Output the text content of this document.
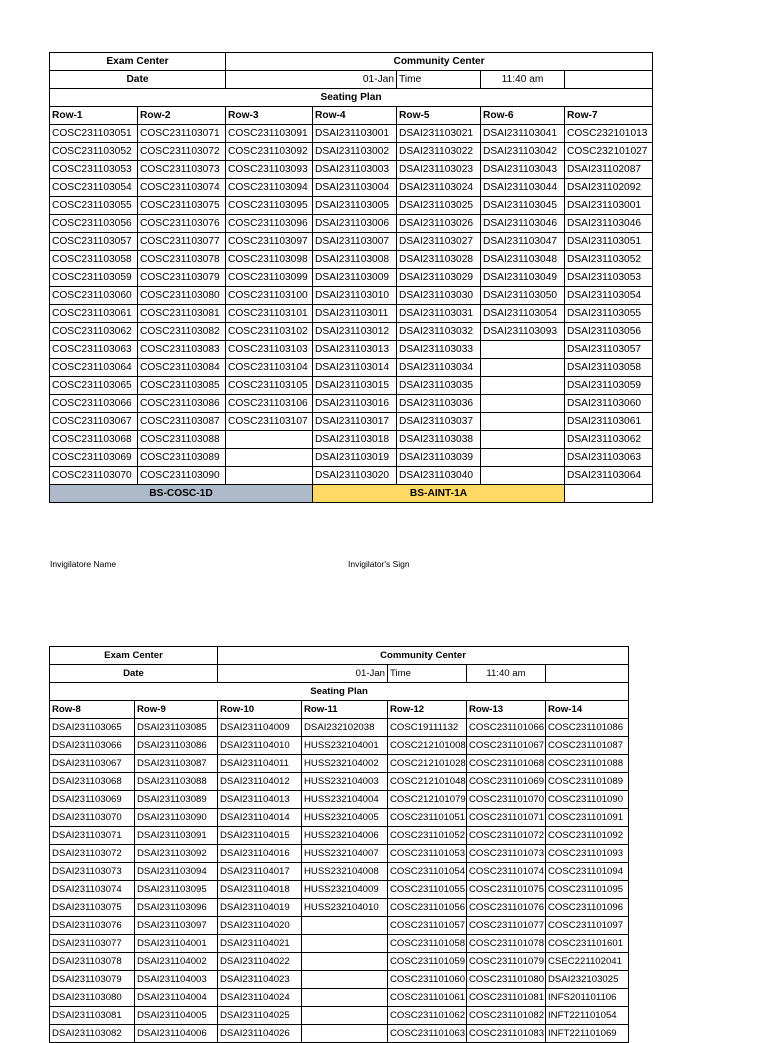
Exam Center		Community Center				
Date		01-Jan		Time	11:40 am	
Seating Plan						
Row-1	Row-2	Row-3	Row-4	Row-5	Row-6	Row-7
COSC231103051	COSC231103071	COSC231103091	DSAI231103001	DSAI231103021	DSAI231103041	COSC232101013
COSC231103052	COSC231103072	COSC231103092	DSAI231103002	DSAI231103022	DSAI231103042	COSC232101027
COSC231103053	COSC231103073	COSC231103093	DSAI231103003	DSAI231103023	DSAI231103043	DSAI231102087
COSC231103054	COSC231103074	COSC231103094	DSAI231103004	DSAI231103024	DSAI231103044	DSAI231102092
COSC231103055	COSC231103075	COSC231103095	DSAI231103005	DSAI231103025	DSAI231103045	DSAI231103001
COSC231103056	COSC231103076	COSC231103096	DSAI231103006	DSAI231103026	DSAI231103046	DSAI231103046
COSC231103057	COSC231103077	COSC231103097	DSAI231103007	DSAI231103027	DSAI231103047	DSAI231103051
COSC231103058	COSC231103078	COSC231103098	DSAI231103008	DSAI231103028	DSAI231103048	DSAI231103052
COSC231103059	COSC231103079	COSC231103099	DSAI231103009	DSAI231103029	DSAI231103049	DSAI231103053
COSC231103060	COSC231103080	COSC231103100	DSAI231103010	DSAI231103030	DSAI231103050	DSAI231103054
COSC231103061	COSC231103081	COSC231103101	DSAI231103011	DSAI231103031	DSAI231103054	DSAI231103055
COSC231103062	COSC231103082	COSC231103102	DSAI231103012	DSAI231103032	DSAI231103093	DSAI231103056
COSC231103063	COSC231103083	COSC231103103	DSAI231103013	DSAI231103033		DSAI231103057
COSC231103064	COSC231103084	COSC231103104	DSAI231103014	DSAI231103034		DSAI231103058
COSC231103065	COSC231103085	COSC231103105	DSAI231103015	DSAI231103035		DSAI231103059
COSC231103066	COSC231103086	COSC231103106	DSAI231103016	DSAI231103036		DSAI231103060
COSC231103067	COSC231103087	COSC231103107	DSAI231103017	DSAI231103037		DSAI231103061
COSC231103068	COSC231103088		DSAI231103018	DSAI231103038		DSAI231103062
COSC231103069	COSC231103089		DSAI231103019	DSAI231103039		DSAI231103063
COSC231103070	COSC231103090		DSAI231103020	DSAI231103040		DSAI231103064
BS-COSC-1D			BS-AINT-1A			
Invigilatore Name	Invigilator's Sign
Exam Center		Community Center				
Date		01-Jan		Time	11:40 am	
Seating Plan						
Row-8	Row-9	Row-10	Row-11	Row-12	Row-13	Row-14
DSAI231103065	DSAI231103085	DSAI231104009	DSAI232102038	COSC19111132	COSC231101066	COSC231101086
DSAI231103066	DSAI231103086	DSAI231104010	HUSS232104001	COSC212101008	COSC231101067	COSC231101087
DSAI231103067	DSAI231103087	DSAI231104011	HUSS232104002	COSC212101028	COSC231101068	COSC231101088
DSAI231103068	DSAI231103088	DSAI231104012	HUSS232104003	COSC212101048	COSC231101069	COSC231101089
DSAI231103069	DSAI231103089	DSAI231104013	HUSS232104004	COSC212101079	COSC231101070	COSC231101090
DSAI231103070	DSAI231103090	DSAI231104014	HUSS232104005	COSC231101051	COSC231101071	COSC231101091
DSAI231103071	DSAI231103091	DSAI231104015	HUSS232104006	COSC231101052	COSC231101072	COSC231101092
DSAI231103072	DSAI231103092	DSAI231104016	HUSS232104007	COSC231101053	COSC231101073	COSC231101093
DSAI231103073	DSAI231103094	DSAI231104017	HUSS232104008	COSC231101054	COSC231101074	COSC231101094
DSAI231103074	DSAI231103095	DSAI231104018	HUSS232104009	COSC231101055	COSC231101075	COSC231101095
DSAI231103075	DSAI231103096	DSAI231104019	HUSS232104010	COSC231101056	COSC231101076	COSC231101096
DSAI231103076	DSAI231103097	DSAI231104020		COSC231101057	COSC231101077	COSC231101097
DSAI231103077	DSAI231104001	DSAI231104021		COSC231101058	COSC231101078	COSC231101601
DSAI231103078	DSAI231104002	DSAI231104022		COSC231101059	COSC231101079	CSEC221102041
DSAI231103079	DSAI231104003	DSAI231104023		COSC231101060	COSC231101080	DSAI232103025
DSAI231103080	DSAI231104004	DSAI231104024		COSC231101061	COSC231101081	INFS201101106
DSAI231103081	DSAI231104005	DSAI231104025		COSC231101062	COSC231101082	INFT221101054
DSAI231103082	DSAI231104006	DSAI231104026		COSC231101063	COSC231101083	INFT221101069
